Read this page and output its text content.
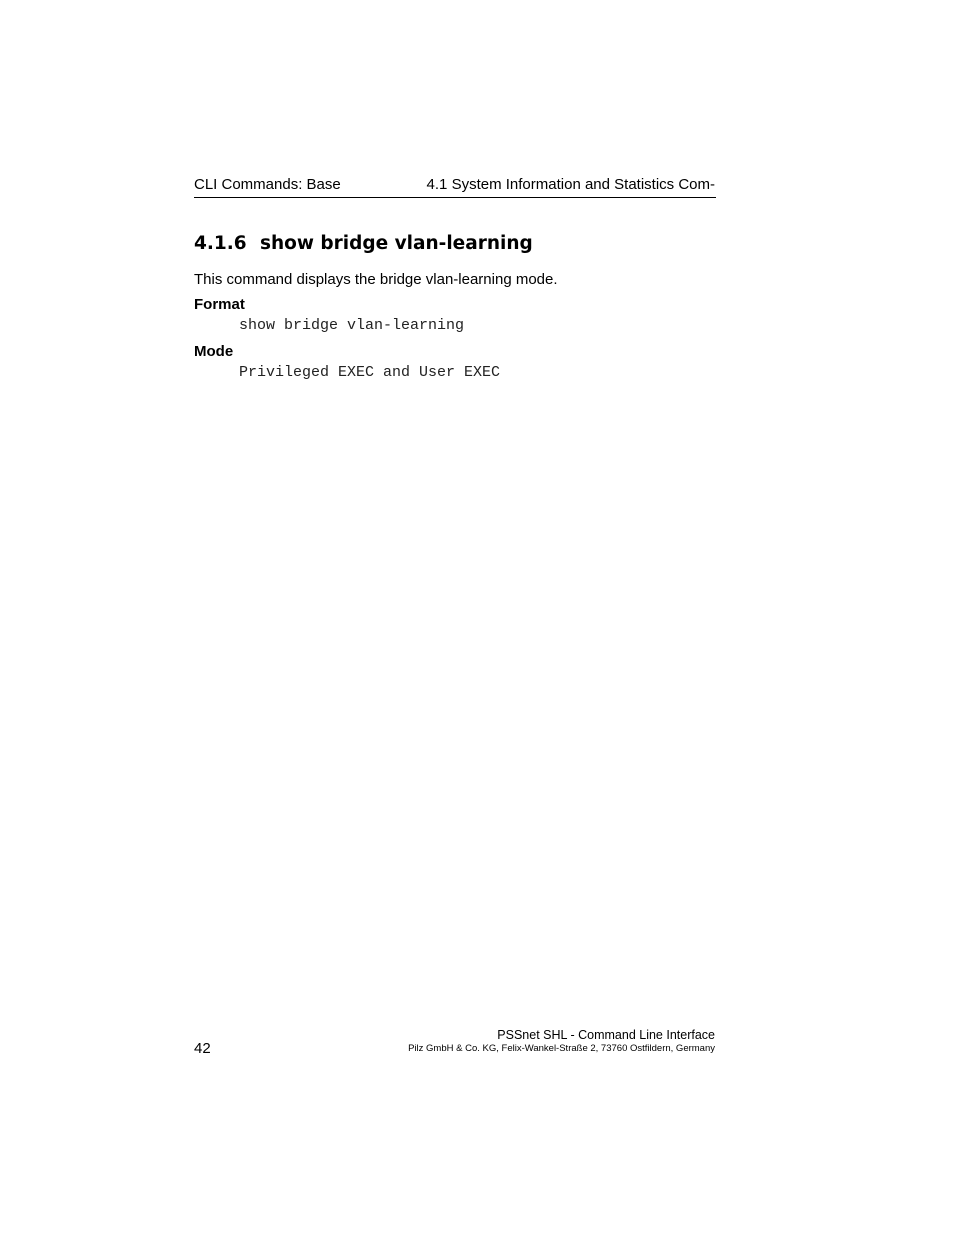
CLI Commands: Base	4.1 System Information and Statistics Com-
4.1.6 show bridge vlan-learning
This command displays the bridge vlan-learning mode.
Format
show bridge vlan-learning
Mode
Privileged EXEC and User EXEC
42
PSSnet SHL - Command Line Interface
Pilz GmbH & Co. KG, Felix-Wankel-Straße 2, 73760 Ostfildern, Germany
